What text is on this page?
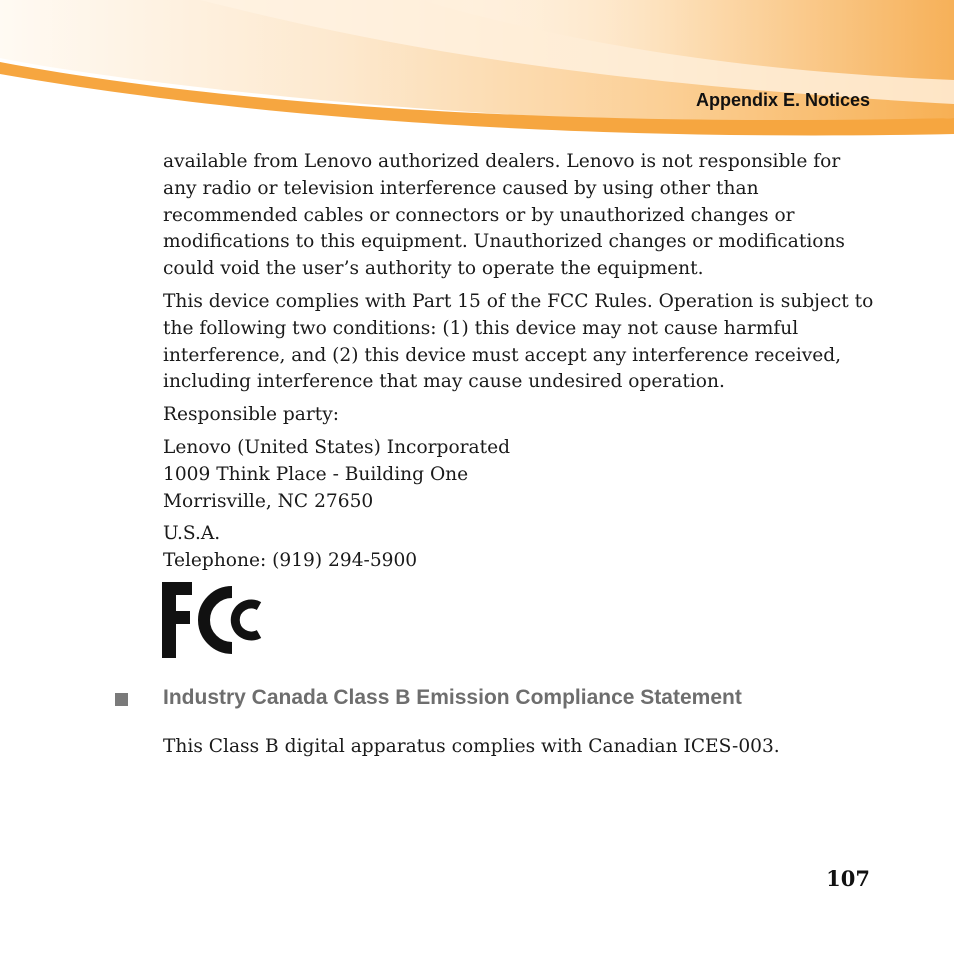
Appendix E. Notices

available from Lenovo authorized dealers. Lenovo is not responsible for any radio or television interference caused by using other than recommended cables or connectors or by unauthorized changes or modifications to this equipment. Unauthorized changes or modifications could void the user’s authority to operate the equipment.

This device complies with Part 15 of the FCC Rules. Operation is subject to the following two conditions: (1) this device may not cause harmful interference, and (2) this device must accept any interference received, including interference that may cause undesired operation.

Responsible party:

Lenovo (United States) Incorporated
1009 Think Place - Building One
Morrisville, NC 27650
U.S.A.
Telephone: (919) 294-5900
Industry Canada Class B Emission Compliance Statement
This Class B digital apparatus complies with Canadian ICES-003.
107
